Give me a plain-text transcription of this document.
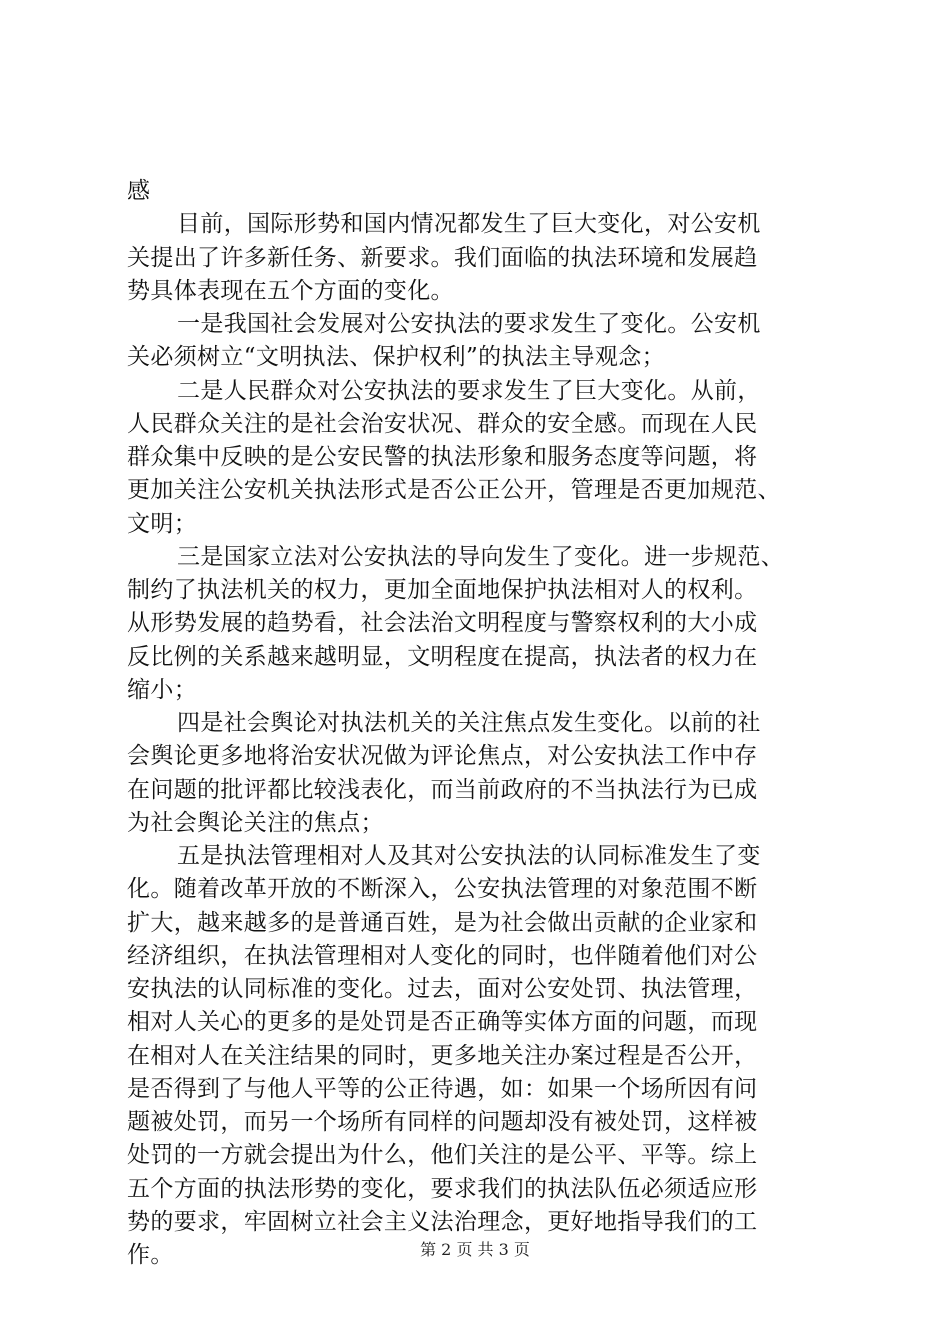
感
目前，国际形势和国内情况都发生了巨大变化，对公安机
关提出了许多新任务、新要求。我们面临的执法环境和发展趋
势具体表现在五个方面的变化。
一是我国社会发展对公安执法的要求发生了变化。公安机
关必须树立“文明执法、保护权利”的执法主导观念；
二是人民群众对公安执法的要求发生了巨大变化。从前，
人民群众关注的是社会治安状况、群众的安全感。而现在人民
群众集中反映的是公安民警的执法形象和服务态度等问题，将
更加关注公安机关执法形式是否公正公开，管理是否更加规范、
文明；
三是国家立法对公安执法的导向发生了变化。进一步规范、
制约了执法机关的权力，更加全面地保护执法相对人的权利。
从形势发展的趋势看，社会法治文明程度与警察权利的大小成
反比例的关系越来越明显，文明程度在提高，执法者的权力在
缩小；
四是社会舆论对执法机关的关注焦点发生变化。以前的社
会舆论更多地将治安状况做为评论焦点，对公安执法工作中存
在问题的批评都比较浅表化，而当前政府的不当执法行为已成
为社会舆论关注的焦点；
五是执法管理相对人及其对公安执法的认同标准发生了变
化。随着改革开放的不断深入，公安执法管理的对象范围不断
扩大，越来越多的是普通百姓，是为社会做出贡献的企业家和
经济组织，在执法管理相对人变化的同时，也伴随着他们对公
安执法的认同标准的变化。过去，面对公安处罚、执法管理，
相对人关心的更多的是处罚是否正确等实体方面的问题，而现
在相对人在关注结果的同时，更多地关注办案过程是否公开，
是否得到了与他人平等的公正待遇，如：如果一个场所因有问
题被处罚，而另一个场所有同样的问题却没有被处罚，这样被
处罚的一方就会提出为什么，他们关注的是公平、平等。综上
五个方面的执法形势的变化，要求我们的执法队伍必须适应形
势的要求，牢固树立社会主义法治理念，更好地指导我们的工
作。	第 2 页 共 3 页
